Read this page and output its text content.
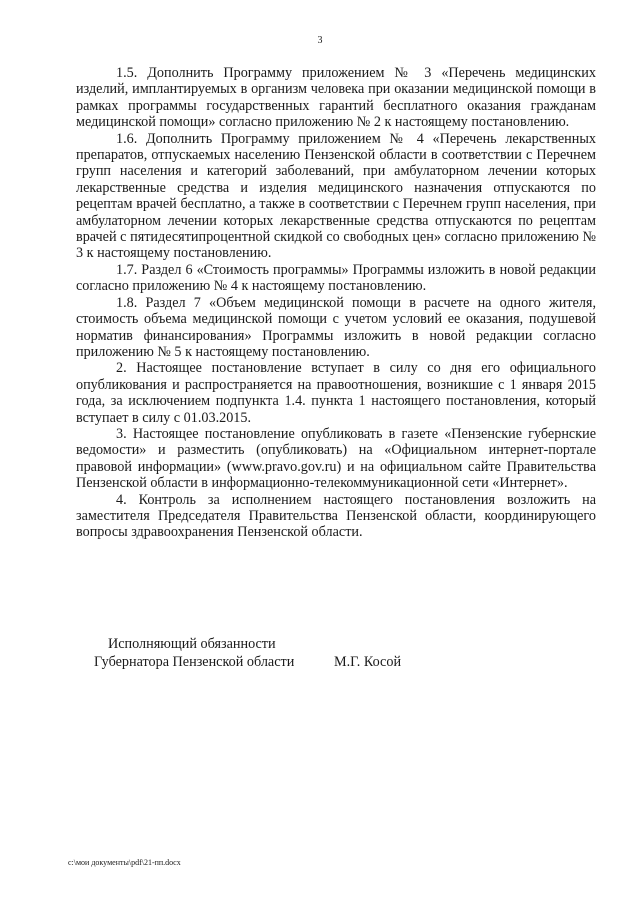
3

1.5. Дополнить Программу приложением № 3 «Перечень медицинских изделий, имплантируемых в организм человека при оказании медицинской помощи в рамках программы государственных гарантий бесплатного оказания гражданам медицинской помощи» согласно приложению № 2 к настоящему постановлению.

1.6. Дополнить Программу приложением № 4 «Перечень лекарственных препаратов, отпускаемых населению Пензенской области в соответствии с Перечнем групп населения и категорий заболеваний, при амбулаторном лечении которых лекарственные средства и изделия медицинского назначения отпускаются по рецептам врачей бесплатно, а также в соответствии с Перечнем групп населения, при амбулаторном лечении которых лекарственные средства отпускаются по рецептам врачей с пятидесятипроцентной скидкой со свободных цен» согласно приложению № 3 к настоящему постановлению.

1.7. Раздел 6 «Стоимость программы» Программы изложить в новой редакции согласно приложению № 4 к настоящему постановлению.

1.8. Раздел 7 «Объем медицинской помощи в расчете на одного жителя, стоимость объема медицинской помощи с учетом условий ее оказания, подушевой норматив финансирования» Программы изложить в новой редакции согласно приложению № 5 к настоящему постановлению.

2. Настоящее постановление вступает в силу со дня его официального опубликования и распространяется на правоотношения, возникшие с 1 января 2015 года, за исключением подпункта 1.4. пункта 1 настоящего постановления, который вступает в силу с 01.03.2015.

3. Настоящее постановление опубликовать в газете «Пензенские губернские ведомости» и разместить (опубликовать) на «Официальном интернет-портале правовой информации» (www.pravo.gov.ru) и на официальном сайте Правительства Пензенской области в информационно-телекоммуникационной сети «Интернет».

4. Контроль за исполнением настоящего постановления возложить на заместителя Председателя Правительства Пензенской области, координирующего вопросы здравоохранения Пензенской области.

Исполняющий обязанности
Губернатора Пензенской области	М.Г. Косой
c:\мои документы\pdf\21-пп.docx
